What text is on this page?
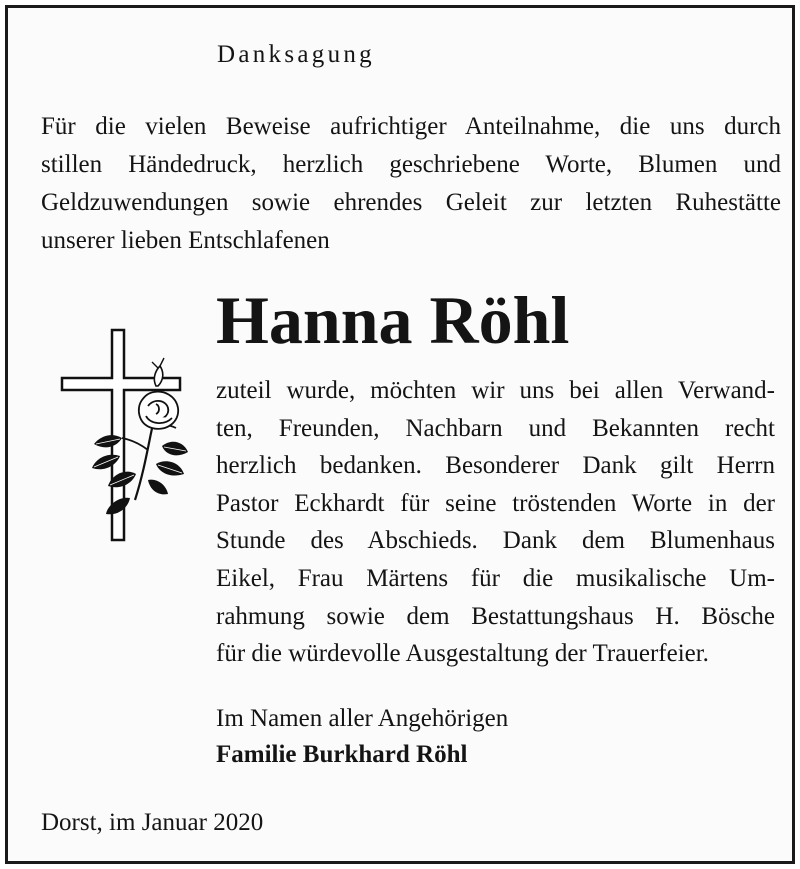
Danksagung

Für die vielen Beweise aufrichtiger Anteilnahme, die uns durch
stillen Händedruck, herzlich geschriebene Worte, Blumen und
Geldzuwendungen sowie ehrendes Geleit zur letzten Ruhestätte
unserer lieben Entschlafenen

Hanna Röhl
zuteil wurde, möchten wir uns bei allen Verwand-
ten, Freunden, Nachbarn und Bekannten recht
herzlich bedanken. Besonderer Dank gilt Herrn
Pastor Eckhardt für seine tröstenden Worte in der
Stunde des Abschieds. Dank dem Blumenhaus
Eikel, Frau Märtens für die musikalische Um-
rahmung sowie dem Bestattungshaus H. Bösche
für die würdevolle Ausgestaltung der Trauerfeier.
Im Namen aller Angehörigen
Familie Burkhard Röhl
Dorst, im Januar 2020
